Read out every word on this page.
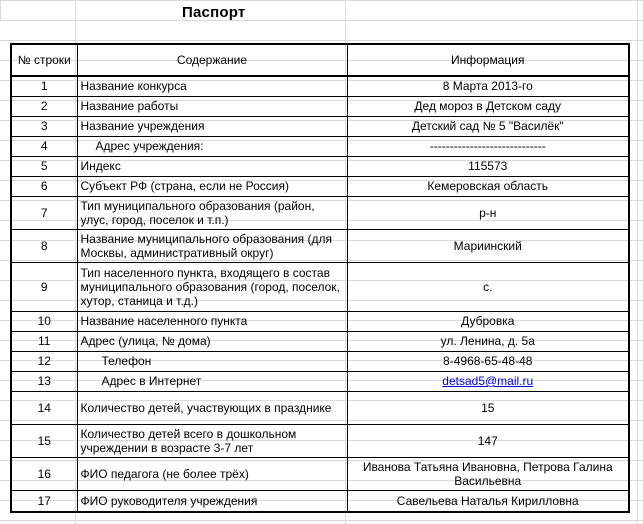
Паспорт
№ строки	Содержание	Информация
1	Название конкурса	8 Марта 2013-го
2	Название работы	Дед мороз в Детском саду
3	Название учреждения	Детский сад № 5 "Василёк"
4	Адрес учреждения:	-----------------------------
5	Индекс	115573
6	Субъект РФ (страна, если не Россия)	Кемеровская область
7	Тип муниципального образования (район, улус, город, поселок и т.п.)	р-н
8	Название муниципального образования (для Москвы, административный округ)	Мариинский
9	Тип населенного пункта, входящего в состав муниципального образования (город, поселок, хутор, станица и т.д.)	с.
10	Название населенного пункта	Дубровка
11	Адрес (улица, № дома)	ул. Ленина, д. 5а
12	Телефон	8-4968-65-48-48
13	Адрес в Интернет	detsad5@mail.ru
14	Количество детей, участвующих в празднике	15
15	Количество детей всего в дошкольном учреждении в возрасте 3-7 лет	147
16	ФИО педагога (не более трёх)	Иванова Татьяна Ивановна, Петрова Галина Васильевна
17	ФИО руководителя учреждения	Савельева Наталья Кирилловна
